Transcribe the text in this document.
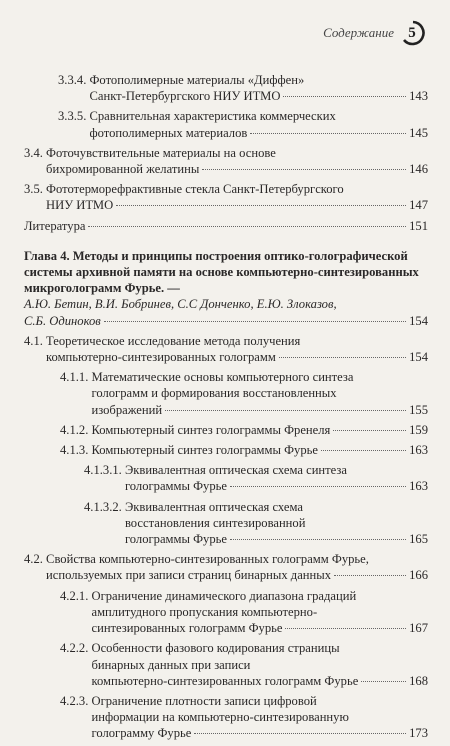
Содержание 5
3.3.4. Фотополимерные материалы «Диффен»
Санкт-Петербургского НИУ ИТМО	143
3.3.5. Сравнительная характеристика коммерческих
фотополимерных материалов	145
3.4. Фоточувствительные материалы на основе
бихромированной желатины	146
3.5. Фототерморефрактивные стекла Санкт-Петербургского
НИУ ИТМО	147
Литература	151
Глава 4. Методы и принципы построения оптико-голографической системы архивной памяти на основе компьютерно-синтезированных микроголограмм Фурье. —
А.Ю. Бетин, В.И. Бобринев, С.С Донченко, Е.Ю. Злоказов,
С.Б. Одиноков	154
4.1. Теоретическое исследование метода получения
компьютерно-синтезированных голограмм	154
4.1.1. Математические основы компьютерного синтеза
голограмм и формирования восстановленных
изображений	155
4.1.2. Компьютерный синтез голограммы Френеля	159
4.1.3. Компьютерный синтез голограммы Фурье	163
4.1.3.1. Эквивалентная оптическая схема синтеза
голограммы Фурье	163
4.1.3.2. Эквивалентная оптическая схема
восстановления синтезированной
голограммы Фурье	165
4.2. Свойства компьютерно-синтезированных голограмм Фурье,
используемых при записи страниц бинарных данных	166
4.2.1. Ограничение динамического диапазона градаций
амплитудного пропускания компьютерно-
синтезированных голограмм Фурье	167
4.2.2. Особенности фазового кодирования страницы
бинарных данных при записи
компьютерно-синтезированных голограмм Фурье	168
4.2.3. Ограничение плотности записи цифровой
информации на компьютерно-синтезированную
голограмму Фурье	173
